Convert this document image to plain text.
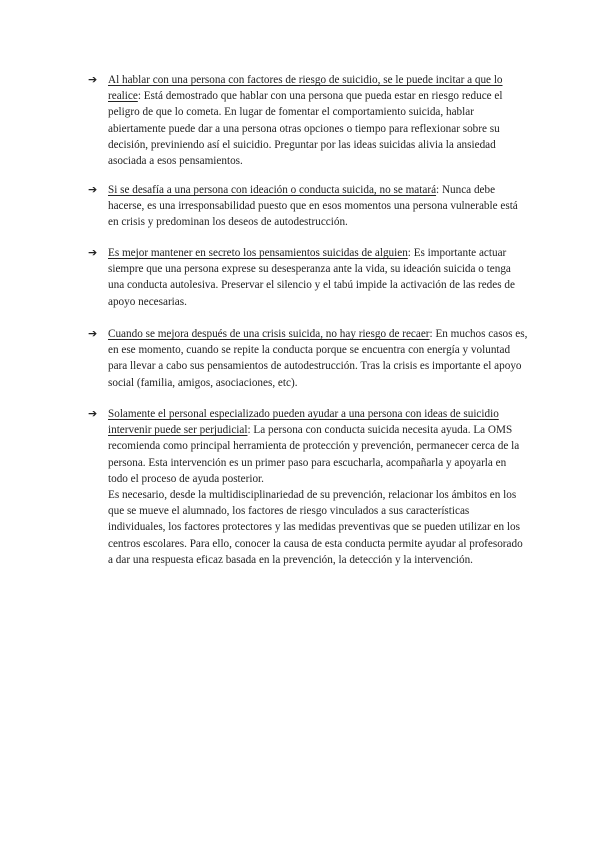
➔ Al hablar con una persona con factores de riesgo de suicidio, se le puede incitar a que lo realice: Está demostrado que hablar con una persona que pueda estar en riesgo reduce el peligro de que lo cometa. En lugar de fomentar el comportamiento suicida, hablar abiertamente puede dar a una persona otras opciones o tiempo para reflexionar sobre su decisión, previniendo así el suicidio. Preguntar por las ideas suicidas alivia la ansiedad asociada a esos pensamientos.

➔ Si se desafía a una persona con ideación o conducta suicida, no se matará: Nunca debe hacerse, es una irresponsabilidad puesto que en esos momentos una persona vulnerable está en crisis y predominan los deseos de autodestrucción.

➔ Es mejor mantener en secreto los pensamientos suicidas de alguien: Es importante actuar siempre que una persona exprese su desesperanza ante la vida, su ideación suicida o tenga una conducta autolesiva. Preservar el silencio y el tabú impide la activación de las redes de apoyo necesarias.

➔ Cuando se mejora después de una crisis suicida, no hay riesgo de recaer: En muchos casos es, en ese momento, cuando se repite la conducta porque se encuentra con energía y voluntad para llevar a cabo sus pensamientos de autodestrucción. Tras la crisis es importante el apoyo social (familia, amigos, asociaciones, etc).

➔ Solamente el personal especializado pueden ayudar a una persona con ideas de suicidio intervenir puede ser perjudicial: La persona con conducta suicida necesita ayuda. La OMS recomienda como principal herramienta de protección y prevención, permanecer cerca de la persona. Esta intervención es un primer paso para escucharla, acompañarla y apoyarla en todo el proceso de ayuda posterior.

Es necesario, desde la multidisciplinariedad de su prevención, relacionar los ámbitos en los que se mueve el alumnado, los factores de riesgo vinculados a sus características individuales, los factores protectores y las medidas preventivas que se pueden utilizar en los centros escolares. Para ello, conocer la causa de esta conducta permite ayudar al profesorado a dar una respuesta eficaz basada en la prevención, la detección y la intervención.
